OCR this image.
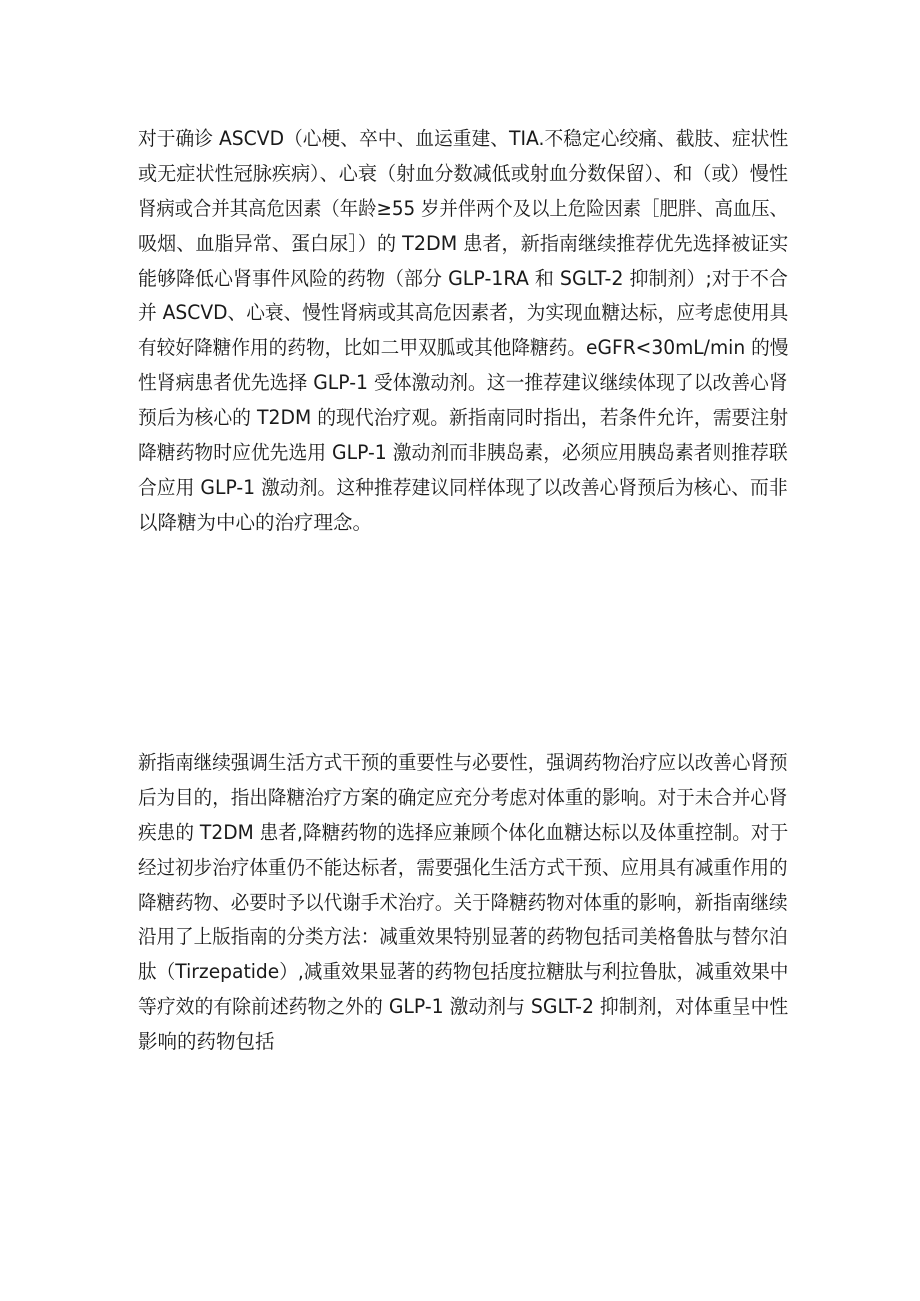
对于确诊 ASCVD（心梗、卒中、血运重建、TIA.不稳定心绞痛、截肢、症状性
或无症状性冠脉疾病）、心衰（射血分数减低或射血分数保留）、和（或）慢性
肾病或合并其高危因素（年龄≥55 岁并伴两个及以上危险因素［肥胖、高血压、
吸烟、血脂异常、蛋白尿］）的 T2DM 患者，新指南继续推荐优先选择被证实
能够降低心肾事件风险的药物（部分 GLP-1RA 和 SGLT-2 抑制剂）;对于不合
并 ASCVD、心衰、慢性肾病或其高危因素者，为实现血糖达标，应考虑使用具
有较好降糖作用的药物，比如二甲双胍或其他降糖药。eGFR<30mL/min 的慢
性肾病患者优先选择 GLP-1 受体激动剂。这一推荐建议继续体现了以改善心肾
预后为核心的 T2DM 的现代治疗观。新指南同时指出，若条件允许，需要注射
降糖药物时应优先选用 GLP-1 激动剂而非胰岛素，必须应用胰岛素者则推荐联
合应用 GLP-1 激动剂。这种推荐建议同样体现了以改善心肾预后为核心、而非
以降糖为中心的治疗理念。

新指南继续强调生活方式干预的重要性与必要性，强调药物治疗应以改善心肾预
后为目的，指出降糖治疗方案的确定应充分考虑对体重的影响。对于未合并心肾
疾患的 T2DM 患者,降糖药物的选择应兼顾个体化血糖达标以及体重控制。对于
经过初步治疗体重仍不能达标者，需要强化生活方式干预、应用具有减重作用的
降糖药物、必要时予以代谢手术治疗。关于降糖药物对体重的影响，新指南继续
沿用了上版指南的分类方法：减重效果特别显著的药物包括司美格鲁肽与替尔泊
肽（Tirzepatide）,减重效果显著的药物包括度拉糖肽与利拉鲁肽，减重效果中
等疗效的有除前述药物之外的 GLP-1 激动剂与 SGLT-2 抑制剂，对体重呈中性
影响的药物包括
